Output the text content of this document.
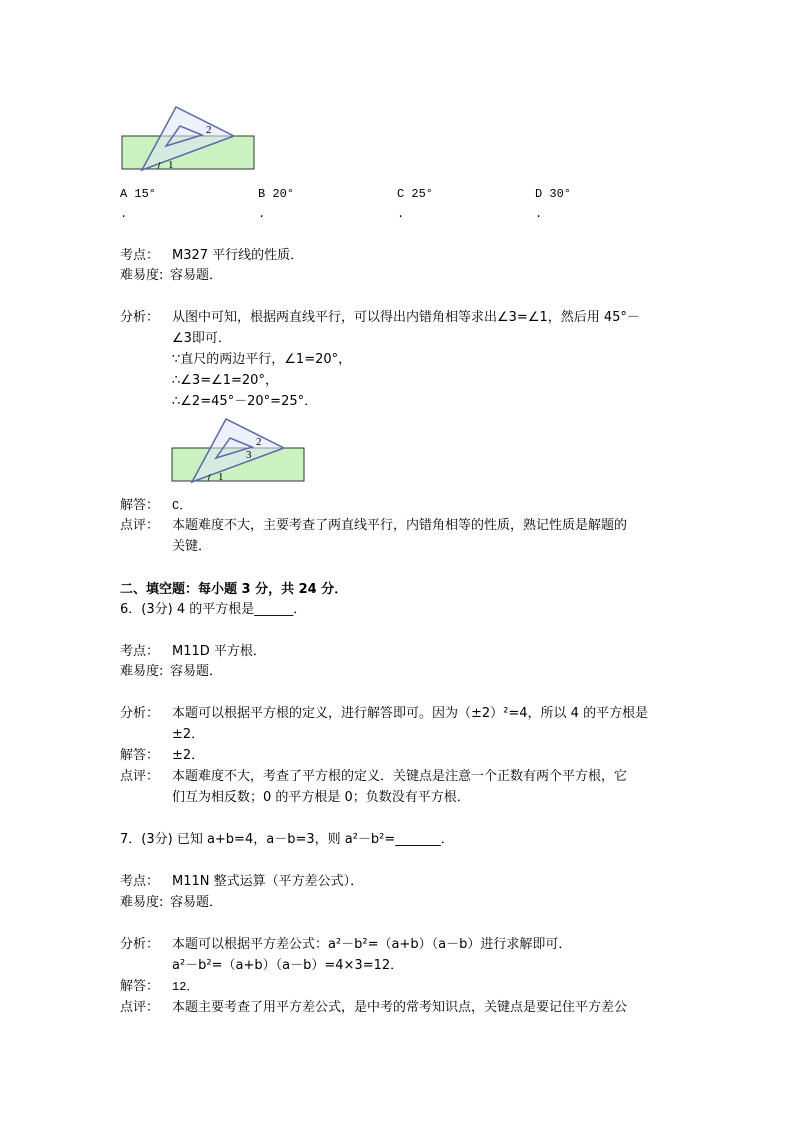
2
1
A 15°
.
B 20°
.
C 25°
.
D 30°
.
考点： M327 平行线的性质．
难易度: 容易题．
分析： 从图中可知，根据两直线平行，可以得出内错角相等求出∠3=∠1，然后用 45°－
∠3即可．
∵直尺的两边平行，∠1=20°，
∴∠3=∠1=20°，
∴∠2=45°－20°=25°．
2
3
1
解答： C．
点评： 本题难度不大，主要考查了两直线平行，内错角相等的性质，熟记性质是解题的
关键．
二、填空题：每小题 3 分，共 24 分．
6．(3分) 4 的平方根是______．
考点： M11D 平方根．
难易度: 容易题．
分析： 本题可以根据平方根的定义，进行解答即可。因为（±2）²=4，所以 4 的平方根是
±2．
解答： ±2．
点评： 本题难度不大，考查了平方根的定义．关键点是注意一个正数有两个平方根，它
们互为相反数；0 的平方根是 0；负数没有平方根．
7．(3分) 已知 a+b=4，a－b=3，则 a²－b²=_______．
考点： M11N 整式运算（平方差公式）．
难易度: 容易题．
分析： 本题可以根据平方差公式：a²－b²=（a+b）（a－b）进行求解即可．
a²－b²=（a+b）（a－b）=4×3=12．
解答： 12．
点评： 本题主要考查了用平方差公式，是中考的常考知识点，关键点是要记住平方差公
